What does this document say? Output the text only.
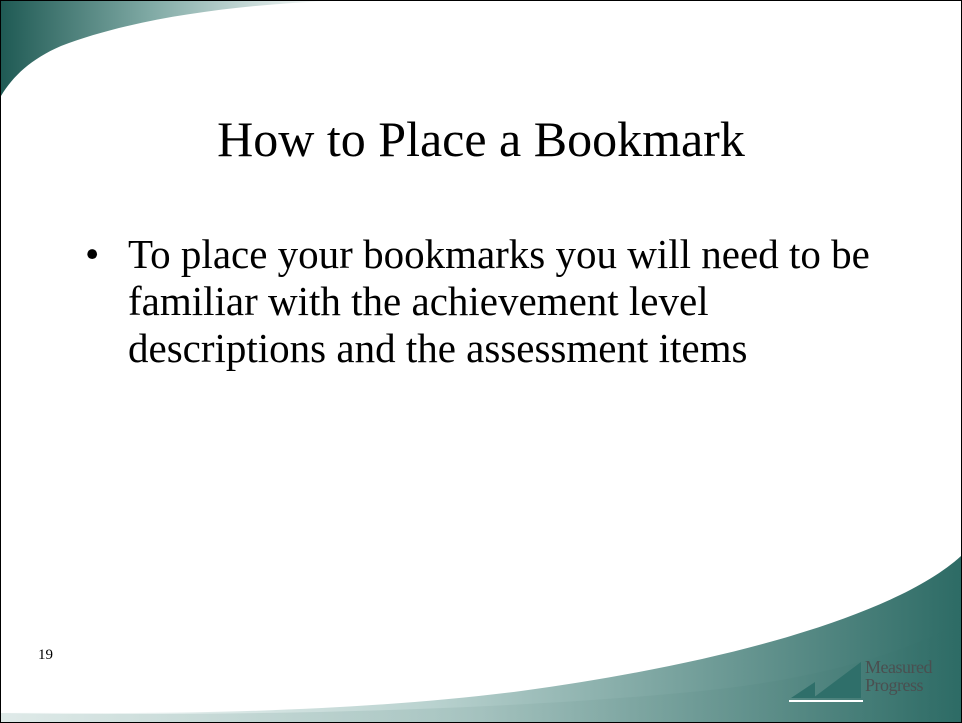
How to Place a Bookmark
• To place your bookmarks you will need to be familiar with the achievement level descriptions and the assessment items
19
Measured
Progress
